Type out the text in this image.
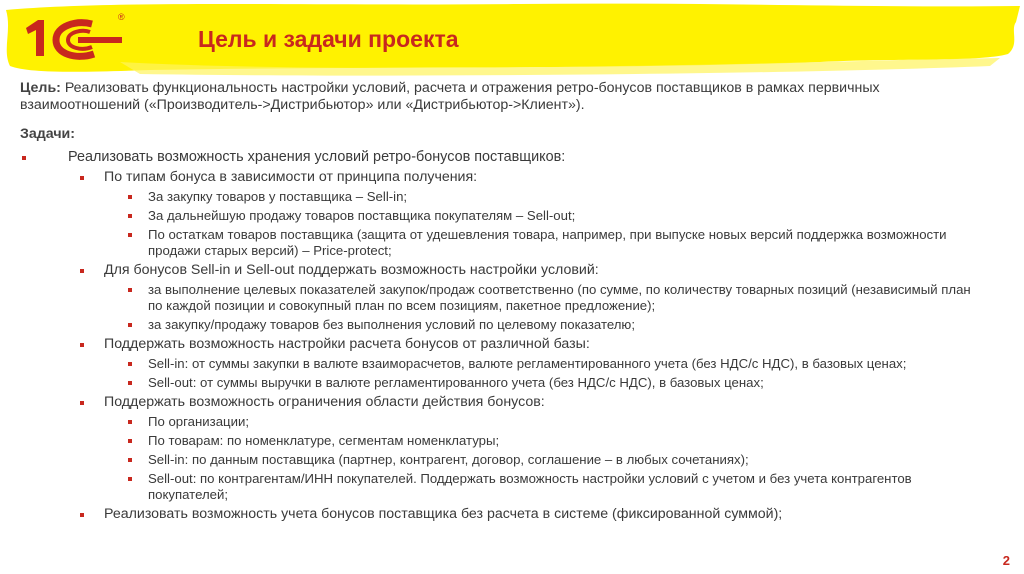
®
Цель и задачи проекта

Цель: Реализовать функциональность настройки условий, расчета и отражения ретро-бонусов поставщиков в рамках первичных взаимоотношений («Производитель->Дистрибьютор» или «Дистрибьютор->Клиент»).

Задачи:
Реализовать возможность хранения условий ретро-бонусов поставщиков:
По типам бонуса в зависимости от принципа получения:
За закупку товаров у поставщика – Sell-in;
За дальнейшую продажу товаров поставщика покупателям – Sell-out;
По остаткам товаров поставщика (защита от удешевления товара, например, при выпуске новых версий поддержка возможности продажи старых версий) – Price-protect;
Для бонусов Sell-in и Sell-out поддержать возможность настройки условий:
за выполнение целевых показателей закупок/продаж соответственно (по сумме, по количеству товарных позиций (независимый план по каждой позиции и совокупный план по всем позициям, пакетное предложение);
за закупку/продажу товаров без выполнения условий по целевому показателю;
Поддержать возможность настройки расчета бонусов от различной базы:
Sell-in: от суммы закупки в валюте взаиморасчетов, валюте регламентированного учета (без НДС/с НДС), в базовых ценах;
Sell-out: от суммы выручки в валюте регламентированного учета (без НДС/с НДС), в базовых ценах;
Поддержать возможность ограничения области действия бонусов:
По организации;
По товарам: по номенклатуре, сегментам номенклатуры;
Sell-in: по данным поставщика (партнер, контрагент, договор, соглашение – в любых сочетаниях);
Sell-out: по контрагентам/ИНН покупателей. Поддержать возможность настройки условий с учетом и без учета контрагентов покупателей;
Реализовать возможность учета бонусов поставщика без расчета в системе (фиксированной суммой);
2
